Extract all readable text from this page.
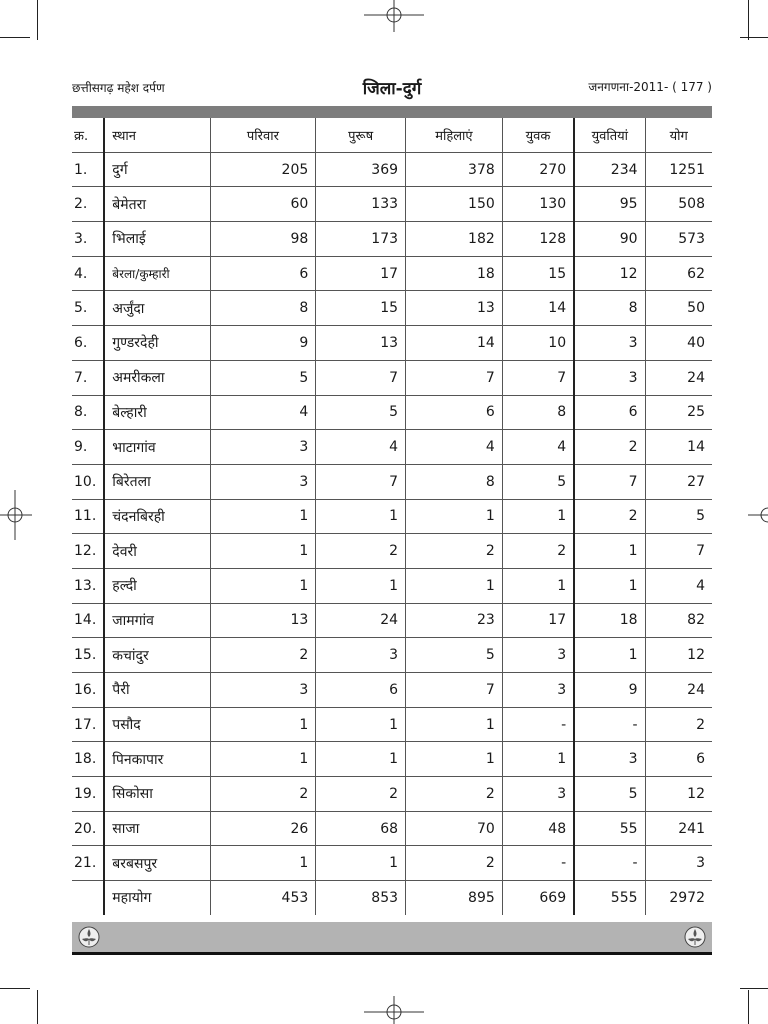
छत्तीसगढ़ महेश दर्पण	जिला-दुर्ग	जनगणना-2011- ( 177 )
क्र.	स्थान	परिवार	पुरूष	महिलाएं	युवक	युवतियां	योग
1.	दुर्ग	205	369	378	270	234	1251
2.	बेमेतरा	60	133	150	130	95	508
3.	भिलाई	98	173	182	128	90	573
4.	बेरला/कुम्हारी	6	17	18	15	12	62
5.	अर्जुंदा	8	15	13	14	8	50
6.	गुण्डरदेही	9	13	14	10	3	40
7.	अमरीकला	5	7	7	7	3	24
8.	बेल्हारी	4	5	6	8	6	25
9.	भाटागांव	3	4	4	4	2	14
10.	बिरेतला	3	7	8	5	7	27
11.	चंदनबिरही	1	1	1	1	2	5
12.	देवरी	1	2	2	2	1	7
13.	हल्दी	1	1	1	1	1	4
14.	जामगांव	13	24	23	17	18	82
15.	कचांदुर	2	3	5	3	1	12
16.	पैरी	3	6	7	3	9	24
17.	पसौद	1	1	1	-	-	2
18.	पिनकापार	1	1	1	1	3	6
19.	सिकोसा	2	2	2	3	5	12
20.	साजा	26	68	70	48	55	241
21.	बरबसपुर	1	1	2	-	-	3
	महायोग	453	853	895	669	555	2972
